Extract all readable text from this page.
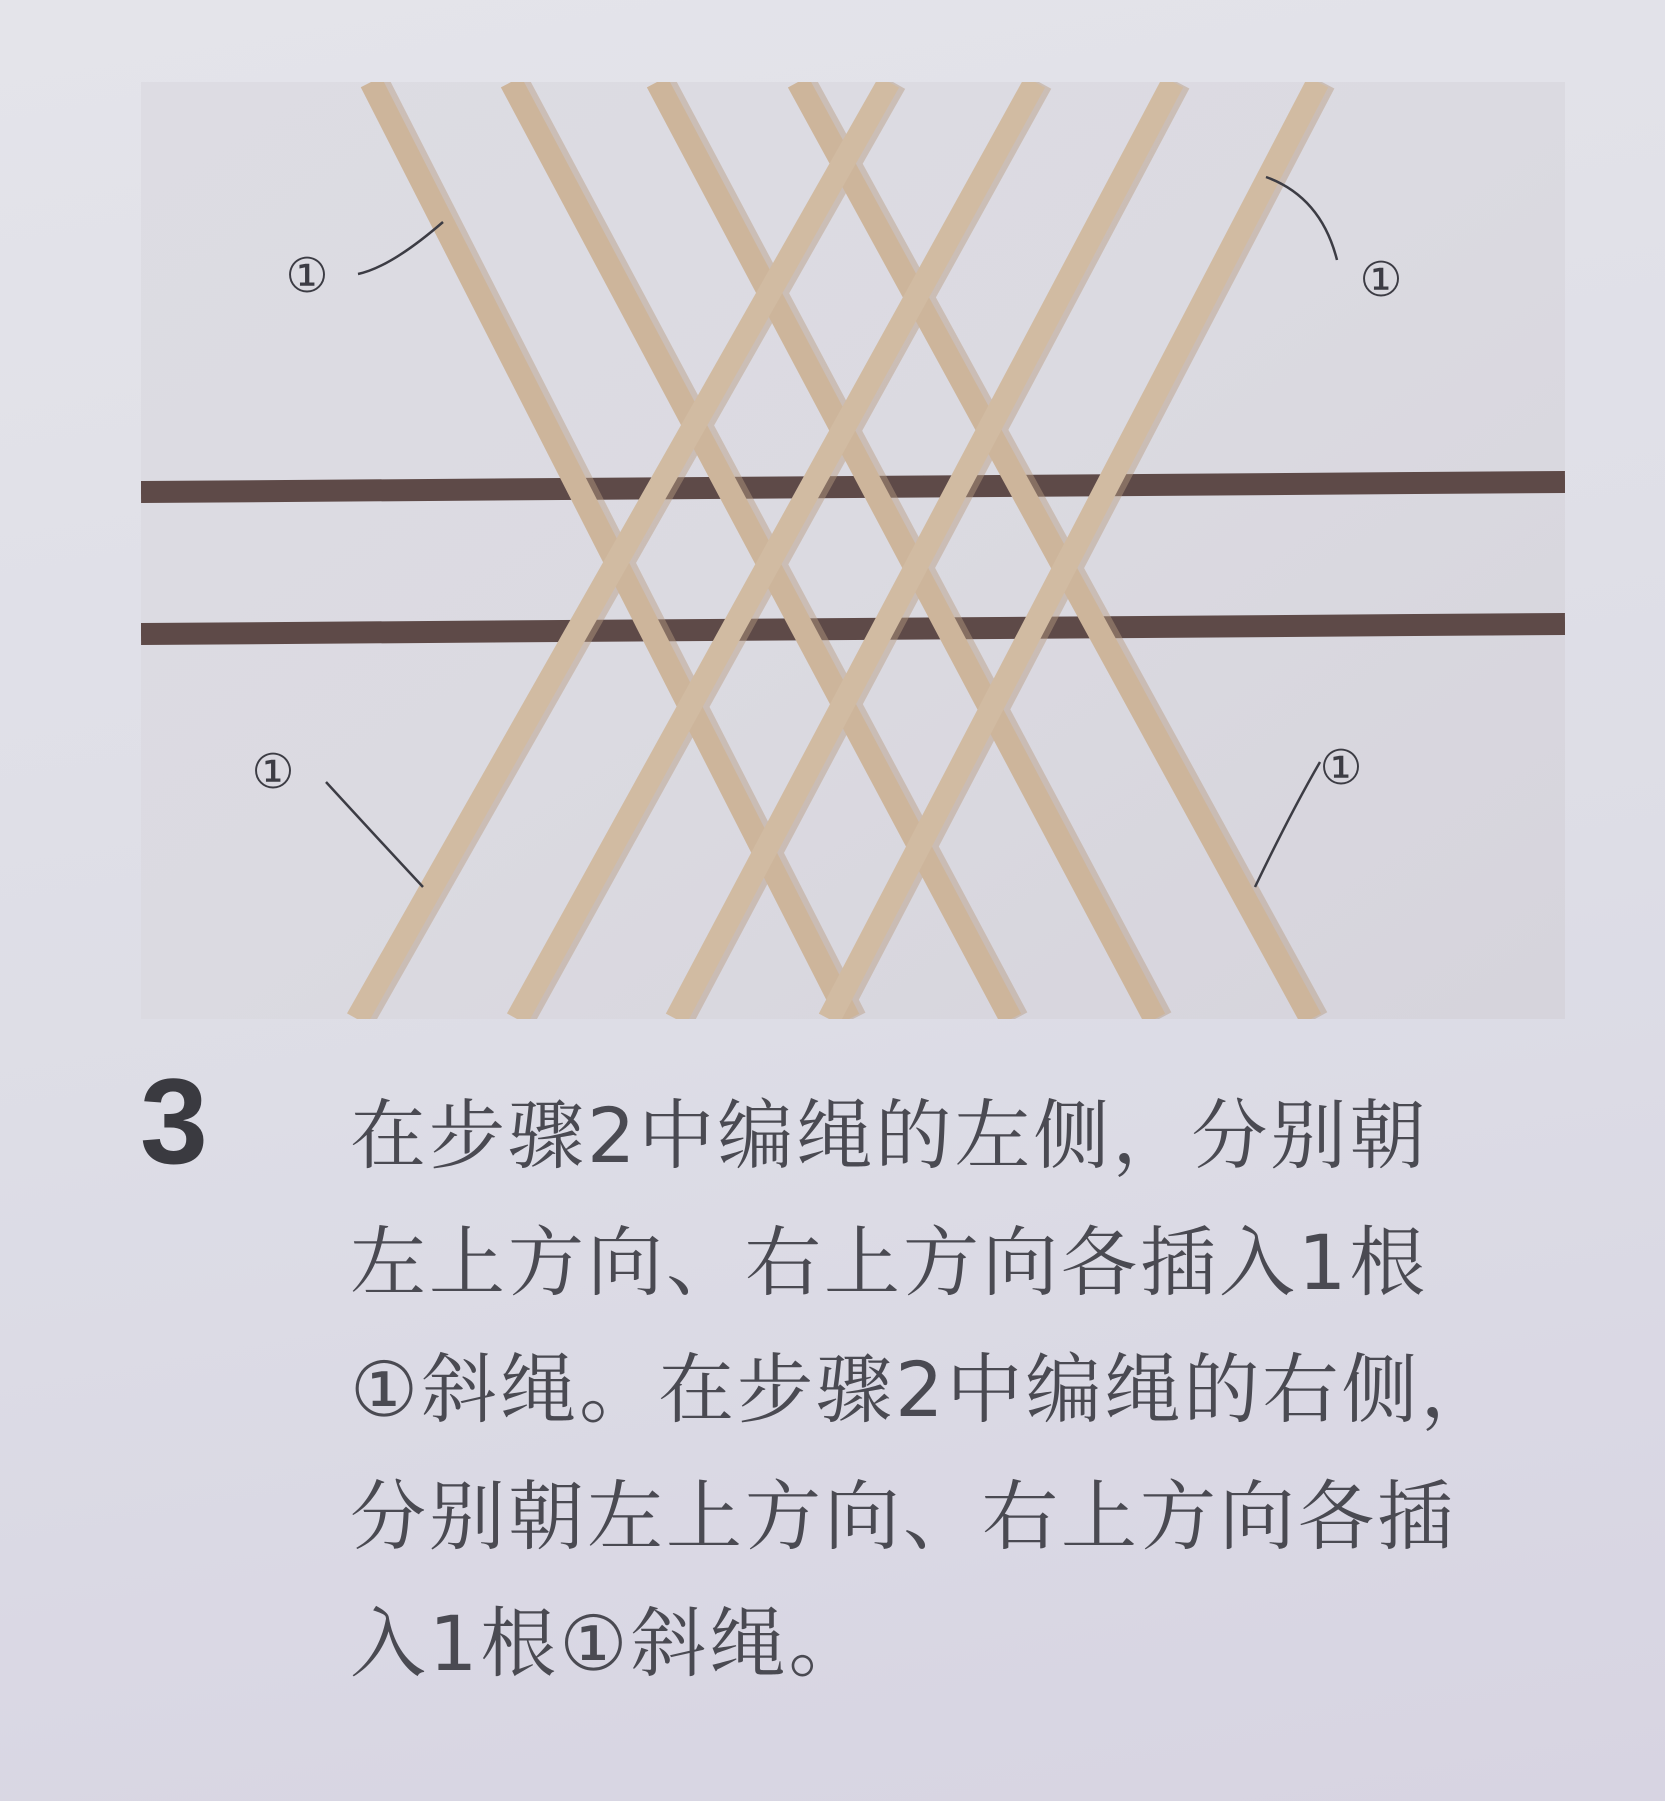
①	①
①	①
3	在步骤2中编绳的左侧，分别朝
左上方向、右上方向各插入1根
①斜绳。在步骤2中编绳的右侧，
分别朝左上方向、右上方向各插
入1根①斜绳。
